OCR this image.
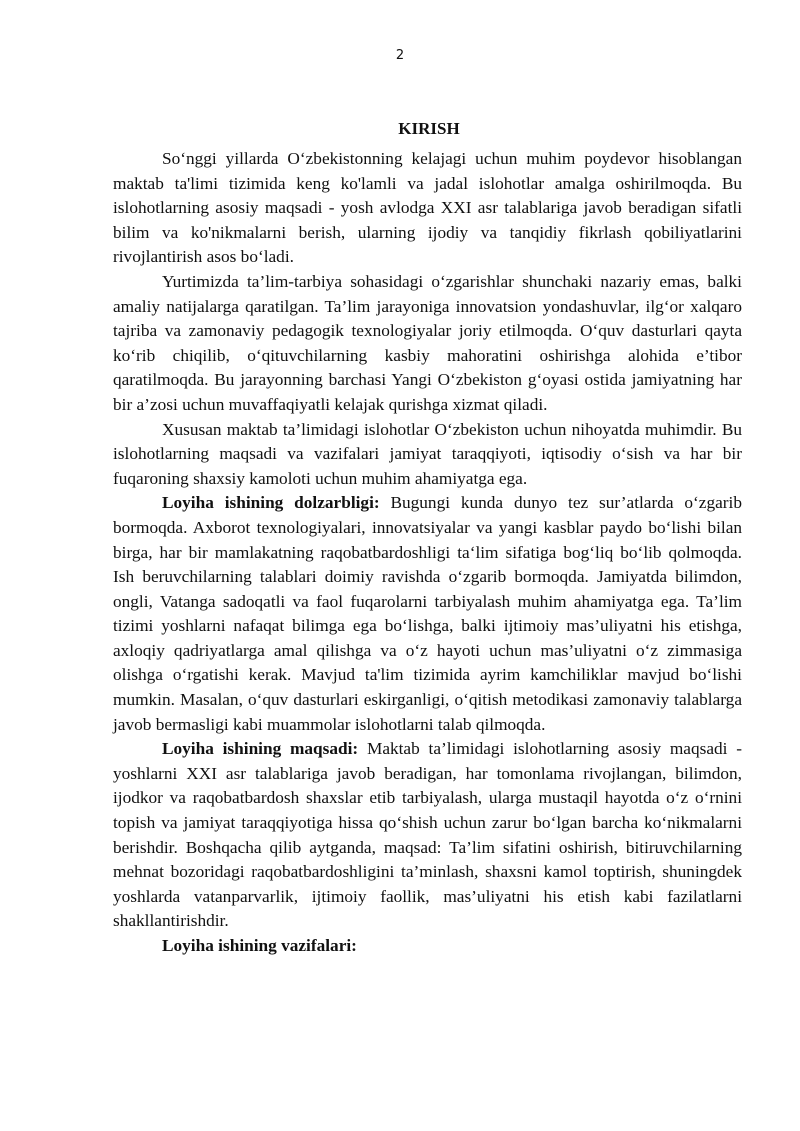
2
KIRISH

So‘nggi yillarda O‘zbekistonning kelajagi uchun muhim poydevor hisoblangan maktab ta'limi tizimida keng ko'lamli va jadal islohotlar amalga oshirilmoqda. Bu islohotlarning asosiy maqsadi - yosh avlodga XXI asr talablariga javob beradigan sifatli bilim va ko'nikmalarni berish, ularning ijodiy va tanqidiy fikrlash qobiliyatlarini rivojlantirish asos bo‘ladi.

Yurtimizda ta’lim-tarbiya sohasidagi o‘zgarishlar shunchaki nazariy emas, balki amaliy natijalarga qaratilgan. Ta’lim jarayoniga innovatsion yondashuvlar, ilg‘or xalqaro tajriba va zamonaviy pedagogik texnologiyalar joriy etilmoqda. O‘quv dasturlari qayta ko‘rib chiqilib, o‘qituvchilarning kasbiy mahoratini oshirishga alohida e’tibor qaratilmoqda. Bu jarayonning barchasi Yangi O‘zbekiston g‘oyasi ostida jamiyatning har bir a’zosi uchun muvaffaqiyatli kelajak qurishga xizmat qiladi.

Xususan maktab ta’limidagi islohotlar O‘zbekiston uchun nihoyatda muhimdir. Bu islohotlarning maqsadi va vazifalari jamiyat taraqqiyoti, iqtisodiy o‘sish va har bir fuqaroning shaxsiy kamoloti uchun muhim ahamiyatga ega.

Loyiha ishining dolzarbligi: Bugungi kunda dunyo tez sur’atlarda o‘zgarib bormoqda. Axborot texnologiyalari, innovatsiyalar va yangi kasblar paydo bo‘lishi bilan birga, har bir mamlakatning raqobatbardoshligi ta‘lim sifatiga bog‘liq bo‘lib qolmoqda. Ish beruvchilarning talablari doimiy ravishda o‘zgarib bormoqda. Jamiyatda bilimdon, ongli, Vatanga sadoqatli va faol fuqarolarni tarbiyalash muhim ahamiyatga ega. Ta’lim tizimi yoshlarni nafaqat bilimga ega bo‘lishga, balki ijtimoiy mas’uliyatni his etishga, axloqiy qadriyatlarga amal qilishga va o‘z hayoti uchun mas’uliyatni o‘z zimmasiga olishga o‘rgatishi kerak. Mavjud ta'lim tizimida ayrim kamchiliklar mavjud bo‘lishi mumkin. Masalan, o‘quv dasturlari eskirganligi, o‘qitish metodikasi zamonaviy talablarga javob bermasligi kabi muammolar islohotlarni talab qilmoqda.

Loyiha ishining maqsadi: Maktab ta’limidagi islohotlarning asosiy maqsadi - yoshlarni XXI asr talablariga javob beradigan, har tomonlama rivojlangan, bilimdon, ijodkor va raqobatbardosh shaxslar etib tarbiyalash, ularga mustaqil hayotda o‘z o‘rnini topish va jamiyat taraqqiyotiga hissa qo‘shish uchun zarur bo‘lgan barcha ko‘nikmalarni berishdir. Boshqacha qilib aytganda, maqsad: Ta’lim sifatini oshirish, bitiruvchilarning mehnat bozoridagi raqobatbardoshligini ta’minlash, shaxsni kamol toptirish, shuningdek yoshlarda vatanparvarlik, ijtimoiy faollik, mas’uliyatni his etish kabi fazilatlarni shakllantirishdir.

Loyiha ishining vazifalari:
